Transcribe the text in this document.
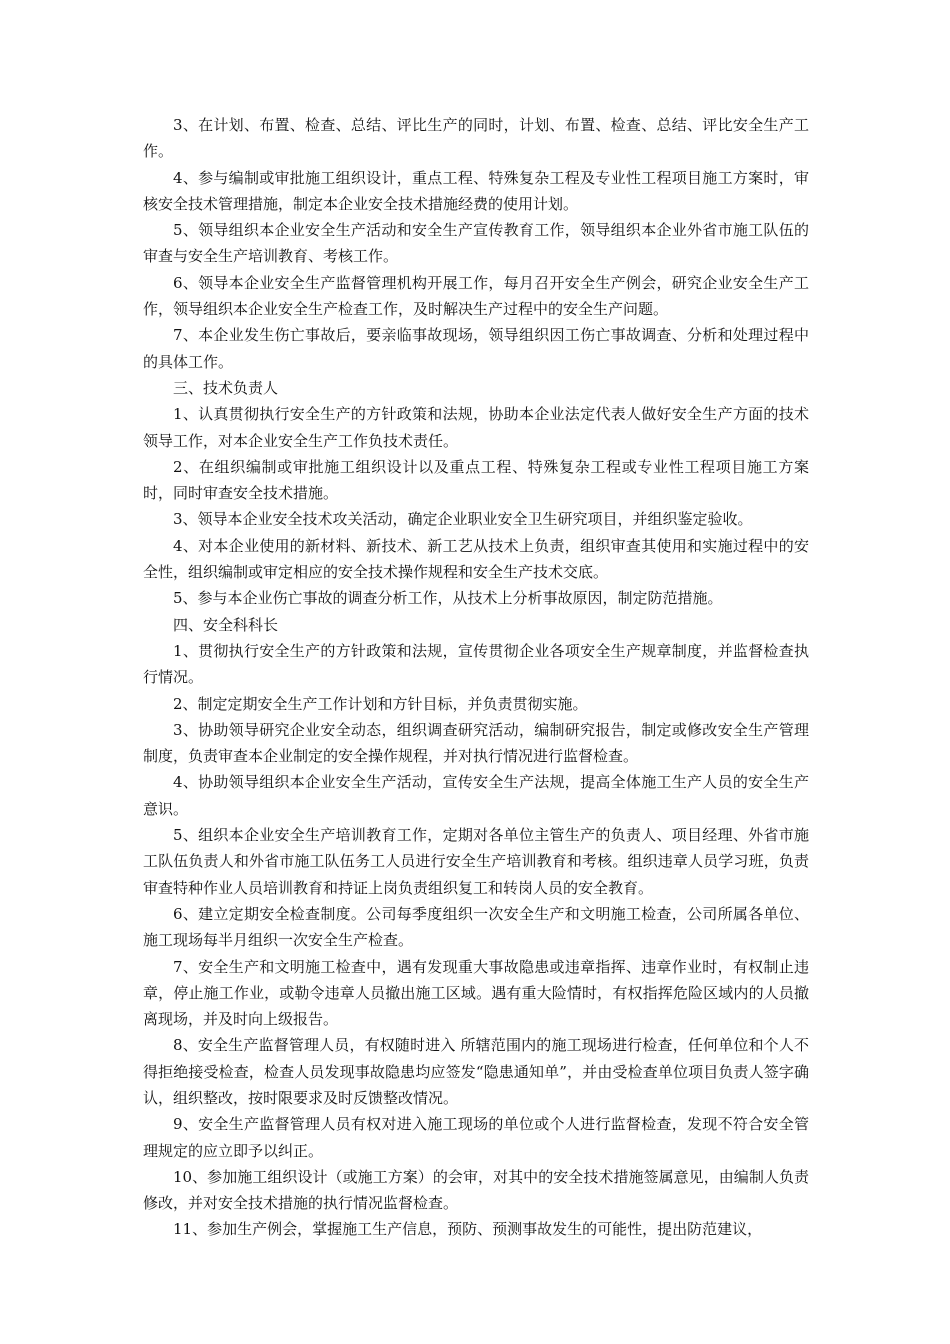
3、在计划、布置、检查、总结、评比生产的同时，计划、布置、检查、总结、评比安全生产工作。

4、参与编制或审批施工组织设计，重点工程、特殊复杂工程及专业性工程项目施工方案时，审核安全技术管理措施，制定本企业安全技术措施经费的使用计划。

5、领导组织本企业安全生产活动和安全生产宣传教育工作，领导组织本企业外省市施工队伍的审查与安全生产培训教育、考核工作。

6、领导本企业安全生产监督管理机构开展工作，每月召开安全生产例会，研究企业安全生产工作，领导组织本企业安全生产检查工作，及时解决生产过程中的安全生产问题。

7、本企业发生伤亡事故后，要亲临事故现场，领导组织因工伤亡事故调查、分析和处理过程中的具体工作。

三、技术负责人

1、认真贯彻执行安全生产的方针政策和法规，协助本企业法定代表人做好安全生产方面的技术领导工作，对本企业安全生产工作负技术责任。

2、在组织编制或审批施工组织设计以及重点工程、特殊复杂工程或专业性工程项目施工方案时，同时审查安全技术措施。

3、领导本企业安全技术攻关活动，确定企业职业安全卫生研究项目，并组织鉴定验收。

4、对本企业使用的新材料、新技术、新工艺从技术上负责，组织审查其使用和实施过程中的安全性，组织编制或审定相应的安全技术操作规程和安全生产技术交底。

5、参与本企业伤亡事故的调查分析工作，从技术上分析事故原因，制定防范措施。

四、安全科科长

1、贯彻执行安全生产的方针政策和法规，宣传贯彻企业各项安全生产规章制度，并监督检查执行情况。

2、制定定期安全生产工作计划和方针目标，并负责贯彻实施。

3、协助领导研究企业安全动态，组织调查研究活动，编制研究报告，制定或修改安全生产管理制度，负责审查本企业制定的安全操作规程，并对执行情况进行监督检查。

4、协助领导组织本企业安全生产活动，宣传安全生产法规，提高全体施工生产人员的安全生产意识。

5、组织本企业安全生产培训教育工作，定期对各单位主管生产的负责人、项目经理、外省市施工队伍负责人和外省市施工队伍务工人员进行安全生产培训教育和考核。组织违章人员学习班，负责审查特种作业人员培训教育和持证上岗负责组织复工和转岗人员的安全教育。

6、建立定期安全检查制度。公司每季度组织一次安全生产和文明施工检查，公司所属各单位、施工现场每半月组织一次安全生产检查。

7、安全生产和文明施工检查中，遇有发现重大事故隐患或违章指挥、违章作业时，有权制止违章，停止施工作业，或勒令违章人员撤出施工区域。遇有重大险情时，有权指挥危险区域内的人员撤离现场，并及时向上级报告。

8、安全生产监督管理人员，有权随时进入 所辖范围内的施工现场进行检查，任何单位和个人不得拒绝接受检查，检查人员发现事故隐患均应签发“隐患通知单”，并由受检查单位项目负责人签字确认，组织整改，按时限要求及时反馈整改情况。

9、安全生产监督管理人员有权对进入施工现场的单位或个人进行监督检查，发现不符合安全管理规定的应立即予以纠正。

10、参加施工组织设计（或施工方案）的会审，对其中的安全技术措施签属意见，由编制人负责修改，并对安全技术措施的执行情况监督检查。

11、参加生产例会，掌握施工生产信息，预防、预测事故发生的可能性，提出防范建议，
